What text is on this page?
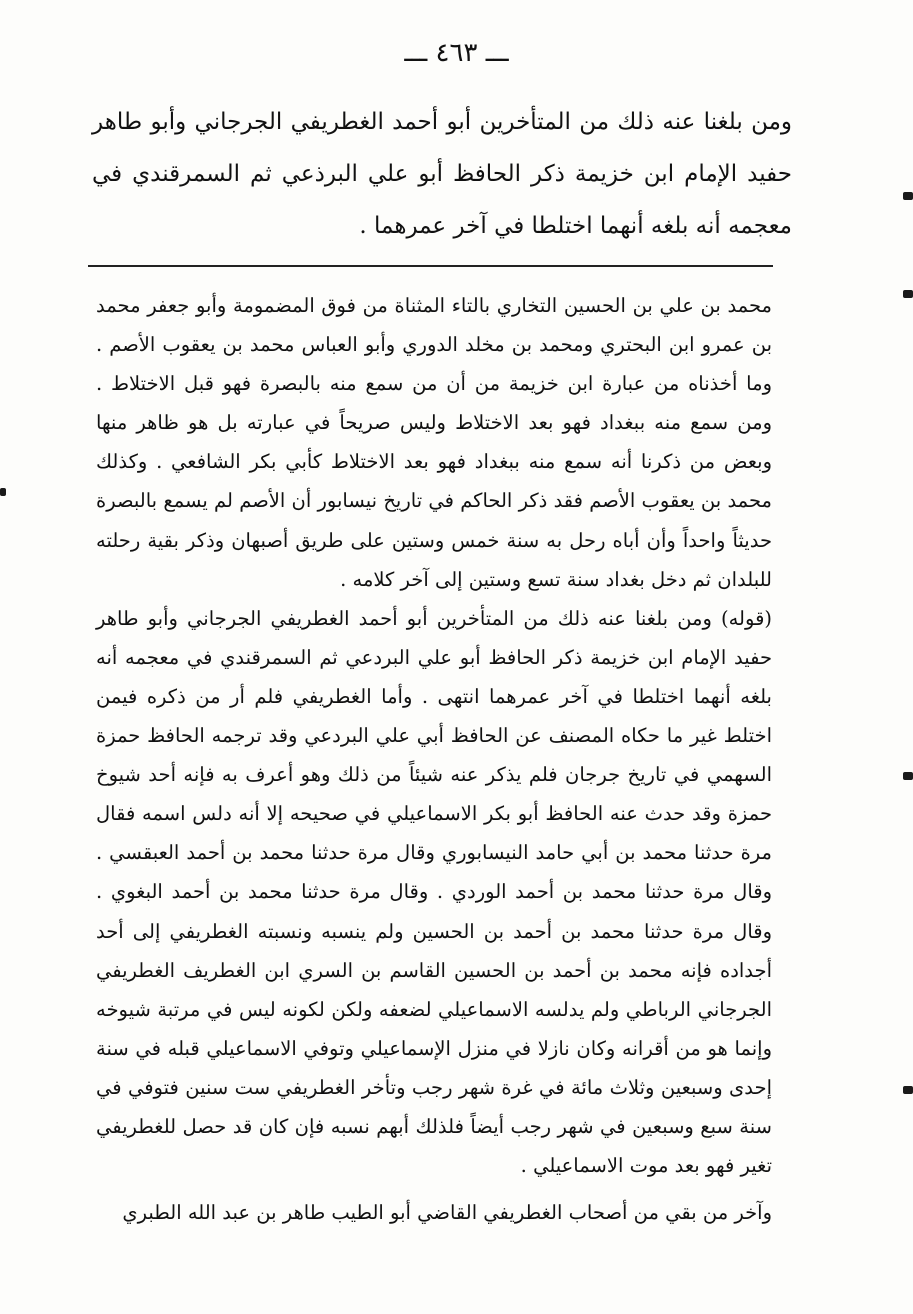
ـــ ٤٦٣ ـــ

ومن بلغنا عنه ذلك من المتأخرين أبو أحمد الغطريفي الجرجاني وأبو طاهر حفيد الإمام ابن خزيمة ذكر الحافظ أبو علي البرذعي ثم السمرقندي في معجمه أنه بلغه أنهما اختلطا في آخر عمرهما .

محمد بن علي بن الحسين التخاري بالتاء المثناة من فوق المضمومة وأبو جعفر محمد بن عمرو ابن البحتري ومحمد بن مخلد الدوري وأبو العباس محمد بن يعقوب الأصم . وما أخذناه من عبارة ابن خزيمة من أن من سمع منه بالبصرة فهو قبل الاختلاط . ومن سمع منه ببغداد فهو بعد الاختلاط وليس صريحاً في عبارته بل هو ظاهر منها وبعض من ذكرنا أنه سمع منه ببغداد فهو بعد الاختلاط كأبي بكر الشافعي . وكذلك محمد بن يعقوب الأصم فقد ذكر الحاكم في تاريخ نيسابور أن الأصم لم يسمع بالبصرة حديثاً واحداً وأن أباه رحل به سنة خمس وستين على طريق أصبهان وذكر بقية رحلته للبلدان ثم دخل بغداد سنة تسع وستين إلى آخر كلامه .

(قوله) ومن بلغنا عنه ذلك من المتأخرين أبو أحمد الغطريفي الجرجاني وأبو طاهر حفيد الإمام ابن خزيمة ذكر الحافظ أبو علي البردعي ثم السمرقندي في معجمه أنه بلغه أنهما اختلطا في آخر عمرهما انتهى . وأما الغطريفي فلم أر من ذكره فيمن اختلط غير ما حكاه المصنف عن الحافظ أبي علي البردعي وقد ترجمه الحافظ حمزة السهمي في تاريخ جرجان فلم يذكر عنه شيئاً من ذلك وهو أعرف به فإنه أحد شيوخ حمزة وقد حدث عنه الحافظ أبو بكر الاسماعيلي في صحيحه إلا أنه دلس اسمه فقال مرة حدثنا محمد بن أبي حامد النيسابوري وقال مرة حدثنا محمد بن أحمد العبقسي . وقال مرة حدثنا محمد بن أحمد الوردي . وقال مرة حدثنا محمد بن أحمد البغوي . وقال مرة حدثنا محمد بن أحمد بن الحسين ولم ينسبه ونسبته الغطريفي إلى أحد أجداده فإنه محمد بن أحمد بن الحسين القاسم بن السري ابن الغطريف الغطريفي الجرجاني الرباطي ولم يدلسه الاسماعيلي لضعفه ولكن لكونه ليس في مرتبة شيوخه وإنما هو من أقرانه وكان نازلا في منزل الإسماعيلي وتوفي الاسماعيلي قبله في سنة إحدى وسبعين وثلاث مائة في غرة شهر رجب وتأخر الغطريفي ست سنين فتوفي في سنة سبع وسبعين في شهر رجب أيضاً فلذلك أبهم نسبه فإن كان قد حصل للغطريفي تغير فهو بعد موت الاسماعيلي .

وآخر من بقي من أصحاب الغطريفي القاضي أبو الطيب طاهر بن عبد الله الطبري
